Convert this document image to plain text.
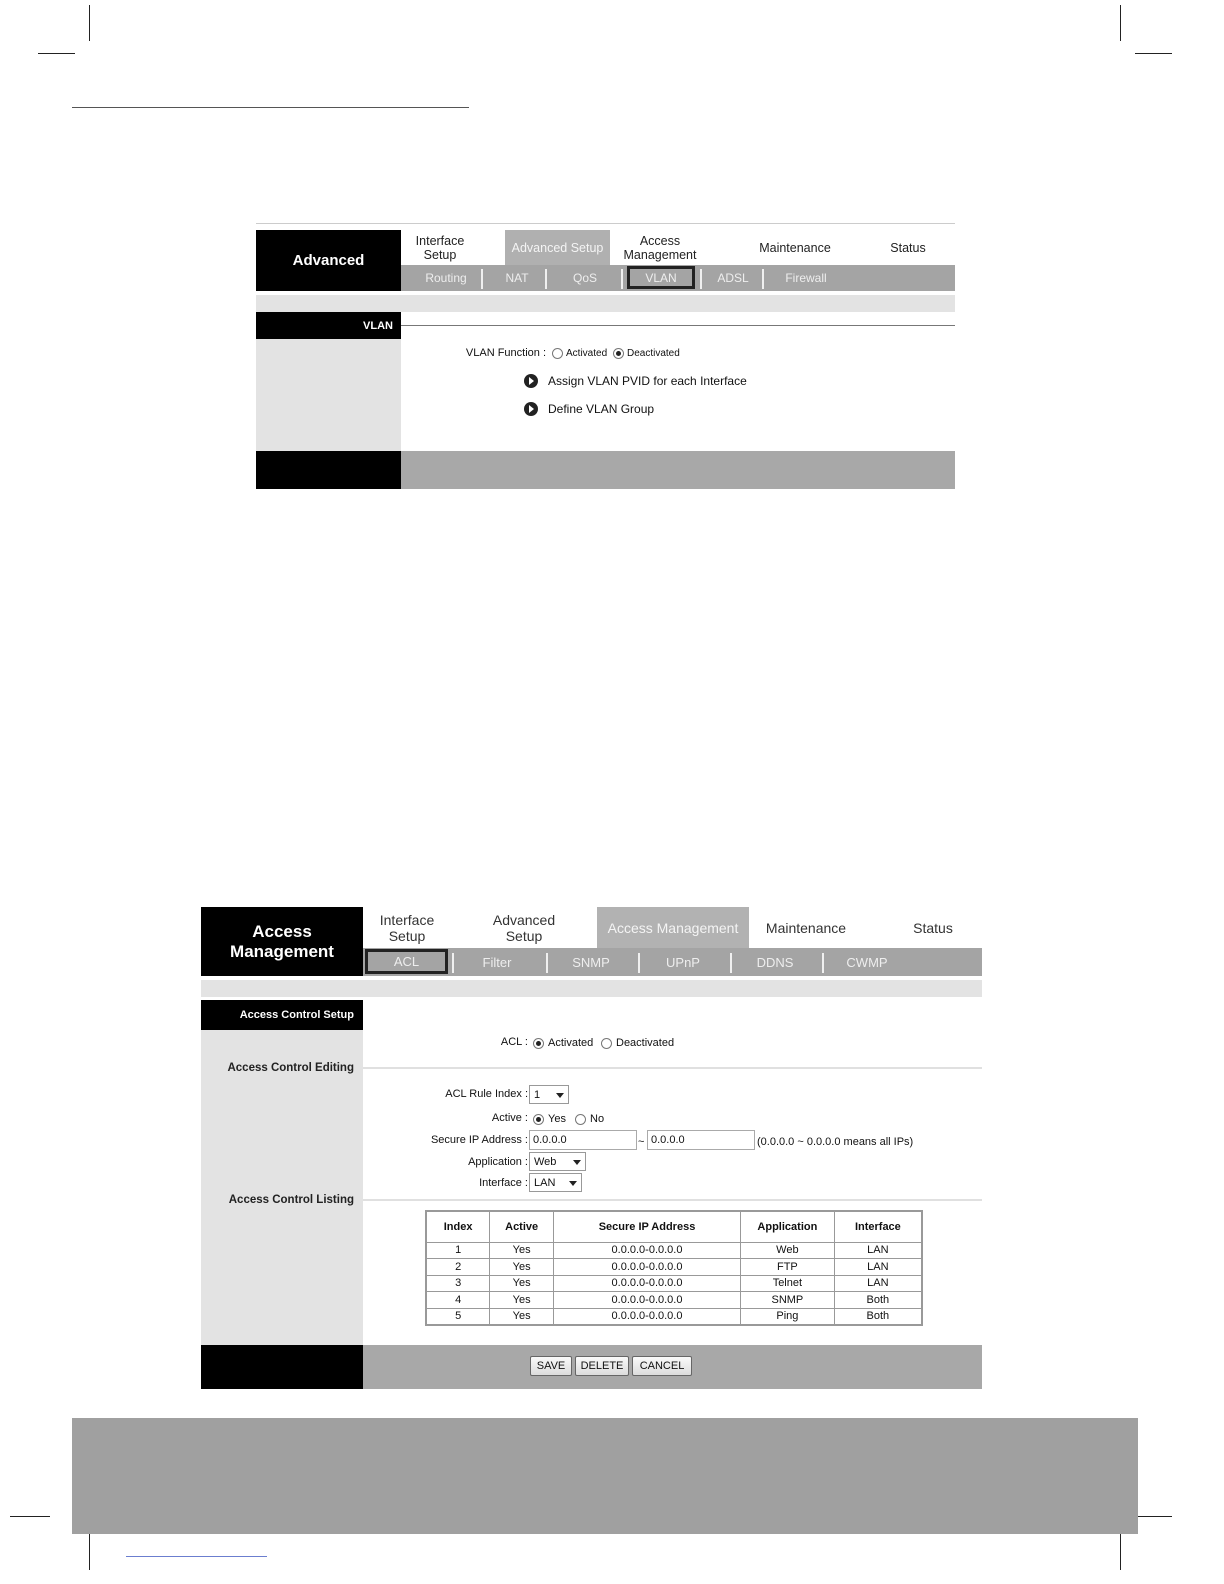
Advanced
Interface Setup	Advanced Setup	Access Management	Maintenance	Status
Routing	NAT	QoS	VLAN	ADSL	Firewall
VLAN
VLAN Function : Activated Deactivated
Assign VLAN PVID for each Interface
Define VLAN Group
Access
Management
Interface Setup
Advanced Setup	Access Management	Maintenance	Status
ACL	Filter	SNMP	UPnP	DDNS	CWMP
Access Control Setup
Access Control Editing
Access Control Listing
ACL : Activated Deactivated
ACL Rule Index : 1
Active : Yes No
Secure IP Address : 0.0.0.0	~ 0.0.0.0	(0.0.0.0 ~ 0.0.0.0 means all IPs)
Application : Web
Interface : LAN
Index	Active	Secure IP Address	Application	Interface
1	Yes	0.0.0.0-0.0.0.0	Web	LAN
2	Yes	0.0.0.0-0.0.0.0	FTP	LAN
3	Yes	0.0.0.0-0.0.0.0	Telnet	LAN
4	Yes	0.0.0.0-0.0.0.0	SNMP	Both
5	Yes	0.0.0.0-0.0.0.0	Ping	Both
SAVE	DELETE	CANCEL
